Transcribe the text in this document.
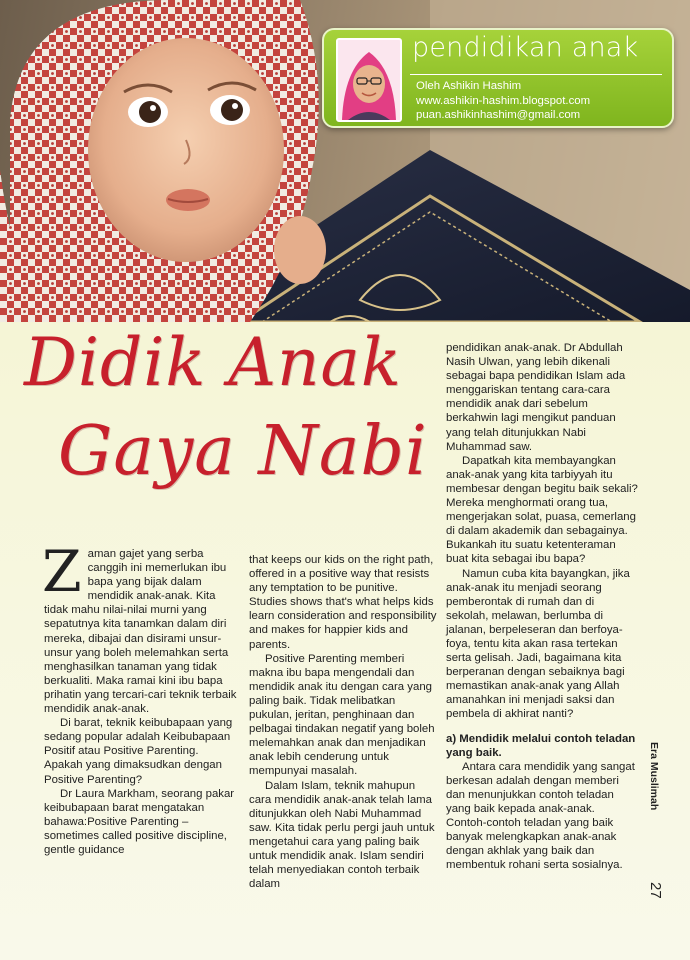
pendidikan anak
Oleh Ashikin Hashim
www.ashikin-hashim.blogspot.com
puan.ashikinhashim@gmail.com
Didik Anak
Gaya Nabi

Z aman gajet yang serba canggih ini memerlukan ibu bapa yang bijak dalam mendidik anak-anak. Kita tidak mahu nilai-nilai murni yang sepatutnya kita tanamkan dalam diri mereka, dibajai dan disirami unsur-unsur yang boleh melemahkan serta menghasilkan tanaman yang tidak berkualiti. Maka ramai kini ibu bapa prihatin yang tercari-cari teknik terbaik mendidik anak-anak.

Di barat, teknik keibubapaan yang sedang popular adalah Keibubapaan Positif atau Positive Parenting. Apakah yang dimaksudkan dengan Positive Parenting?

Dr Laura Markham, seorang pakar keibubapaan barat mengatakan bahawa:Positive Parenting – sometimes called positive discipline, gentle guidance

that keeps our kids on the right path, offered in a positive way that resists any temptation to be punitive. Studies shows that's what helps kids learn consideration and responsibility and makes for happier kids and parents.

Positive Parenting memberi makna ibu bapa mengendali dan mendidik anak itu dengan cara yang paling baik. Tidak melibatkan pukulan, jeritan, penghinaan dan pelbagai tindakan negatif yang boleh melemahkan anak dan menjadikan anak lebih cenderung untuk mempunyai masalah.

Dalam Islam, teknik mahupun cara mendidik anak-anak telah lama ditunjukkan oleh Nabi Muhammad saw. Kita tidak perlu pergi jauh untuk mengetahui cara yang paling baik untuk mendidik anak. Islam sendiri telah menyediakan contoh terbaik dalam

pendidikan anak-anak. Dr Abdullah Nasih Ulwan, yang lebih dikenali sebagai bapa pendidikan Islam ada menggariskan tentang cara-cara mendidik anak dari sebelum berkahwin lagi mengikut panduan yang telah ditunjukkan Nabi Muhammad saw.

Dapatkah kita membayangkan anak-anak yang kita tarbiyyah itu membesar dengan begitu baik sekali? Mereka menghormati orang tua, mengerjakan solat, puasa, cemerlang di dalam akademik dan sebagainya. Bukankah itu suatu ketenteraman buat kita sebagai ibu bapa?

Namun cuba kita bayangkan, jika anak-anak itu menjadi seorang pemberontak di rumah dan di sekolah, melawan, berlumba di jalanan, berpeleseran dan berfoya-foya, tentu kita akan rasa tertekan serta gelisah. Jadi, bagaimana kita berperanan dengan sebaiknya bagi memastikan anak-anak yang Allah amanahkan ini menjadi saksi dan pembela di akhirat nanti?

a) Mendidik melalui contoh teladan yang baik.

Antara cara mendidik yang sangat berkesan adalah dengan memberi dan menunjukkan contoh teladan yang baik kepada anak-anak. Contoh-contoh teladan yang baik banyak melengkapkan anak-anak dengan akhlak yang baik dan membentuk rohani serta sosialnya.

Era Muslimah
27
